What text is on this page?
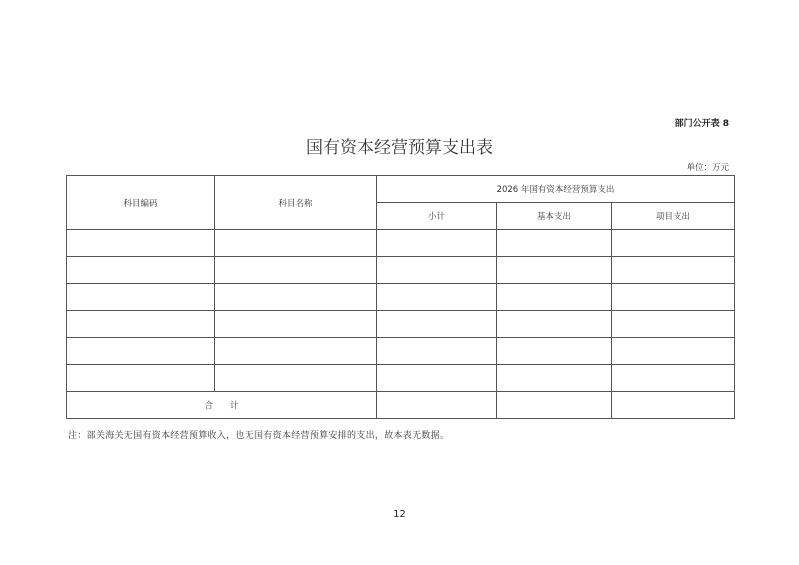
部门公开表 8
国有资本经营预算支出表
单位：万元
科目编码	科目名称	2026 年国有资本经营预算支出		
		小计	基本支出	项目支出

合　　计				
注：部关海关无国有资本经营预算收入，也无国有资本经营预算安排的支出，故本表无数据。
12
